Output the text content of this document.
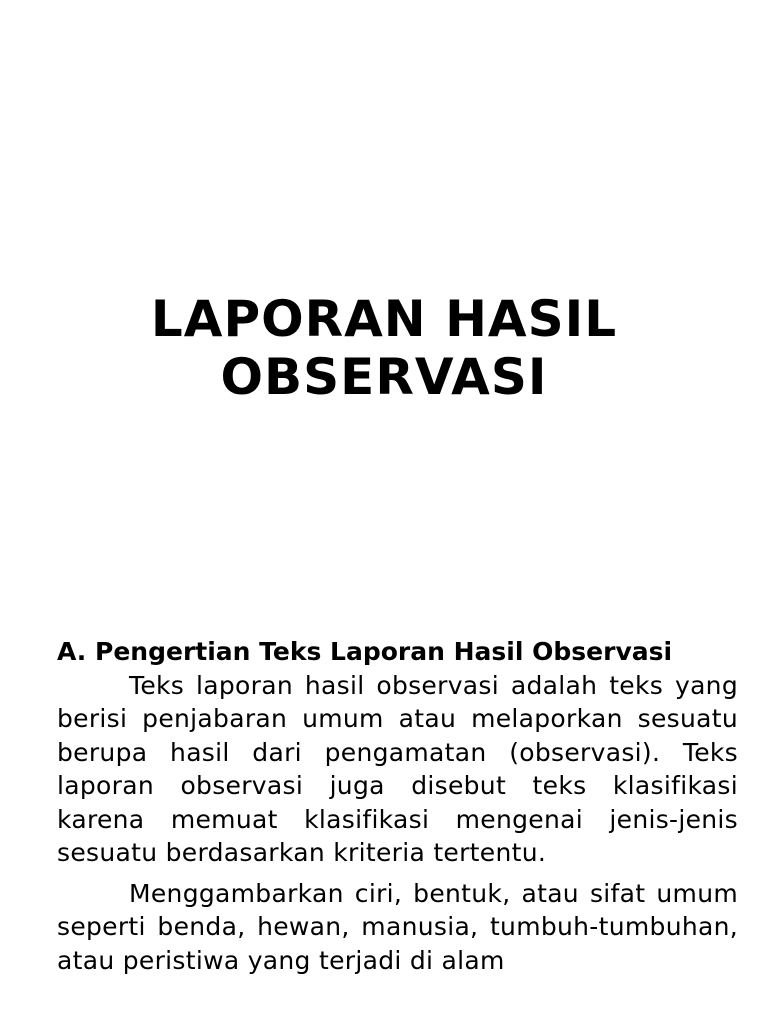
LAPORAN HASIL
OBSERVASI
A. Pengertian Teks Laporan Hasil Observasi

Teks laporan hasil observasi adalah teks yang berisi penjabaran umum atau melaporkan sesuatu berupa hasil dari pengamatan (observasi). Teks laporan observasi juga disebut teks klasifikasi karena memuat klasifikasi mengenai jenis-jenis sesuatu berdasarkan kriteria tertentu.

Menggambarkan ciri, bentuk, atau sifat umum seperti benda, hewan, manusia, tumbuh-tumbuhan, atau peristiwa yang terjadi di alam
